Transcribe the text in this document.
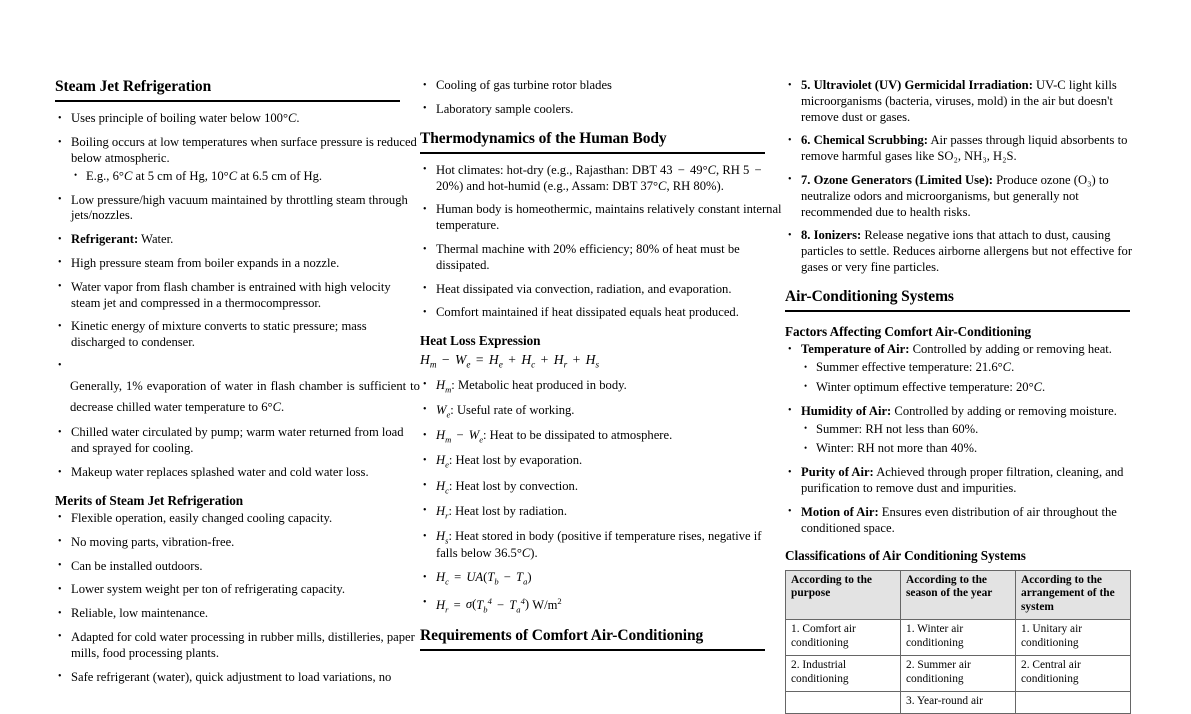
Steam Jet Refrigeration
• Uses principle of boiling water below 100°C.
• Boiling occurs at low temperatures when surface pressure is reduced below atmospheric.
• E.g., 6°C at 5 cm of Hg, 10°C at 6.5 cm of Hg.
• Low pressure/high vacuum maintained by throttling steam through jets/nozzles.
• Refrigerant: Water.
• High pressure steam from boiler expands in a nozzle.
• Water vapor from flash chamber is entrained with high velocity steam jet and compressed in a thermocompressor.
• Kinetic energy of mixture converts to static pressure; mass discharged to condenser.
•

Generally, 1% evaporation of water in flash chamber is sufficient to decrease chilled water temperature to 6°C.

• Chilled water circulated by pump; warm water returned from load and sprayed for cooling.
• Makeup water replaces splashed water and cold water loss.
Merits of Steam Jet Refrigeration
• Flexible operation, easily changed cooling capacity.
• No moving parts, vibration-free.
• Can be installed outdoors.
• Lower system weight per ton of refrigerating capacity.
• Reliable, low maintenance.
• Adapted for cold water processing in rubber mills, distilleries, paper mills, food processing plants.
• Safe refrigerant (water), quick adjustment to load variations, no
• Cooling of gas turbine rotor blades
• Laboratory sample coolers.
Thermodynamics of the Human Body
• Hot climates: hot-dry (e.g., Rajasthan: DBT 43 − 49°C, RH 5 − 20%) and hot-humid (e.g., Assam: DBT 37°C, RH 80%).
• Human body is homeothermic, maintains relatively constant internal temperature.
• Thermal machine with 20% efficiency; 80% of heat must be dissipated.
• Heat dissipated via convection, radiation, and evaporation.
• Comfort maintained if heat dissipated equals heat produced.
Heat Loss Expression
$H_m - W_e = H_e + H_c + H_r + H_s$
• $H_m$: Metabolic heat produced in body.
• $W_e$: Useful rate of working.
• $H_m - W_e$: Heat to be dissipated to atmosphere.
• $H_e$: Heat lost by evaporation.
• $H_c$: Heat lost by convection.
• $H_r$: Heat lost by radiation.
• $H_s$: Heat stored in body (positive if temperature rises, negative if falls below 36.5°C).
• $H_c = UA(T_b - T_a)$
• $H_r = \sigma(T_b^4 - T_a^4)$ $W/m^2$
Requirements of Comfort Air-Conditioning
• 5. Ultraviolet (UV) Germicidal Irradiation: UV-C light kills microorganisms (bacteria, viruses, mold) in the air but doesn't remove dust or gases.
• 6. Chemical Scrubbing: Air passes through liquid absorbents to remove harmful gases like SO₂, NH₃, H₂S.
• 7. Ozone Generators (Limited Use): Produce ozone (O₃) to neutralize odors and microorganisms, but generally not recommended due to health risks.
• 8. Ionizers: Release negative ions that attach to dust, causing particles to settle. Reduces airborne allergens but not effective for gases or very fine particles.
Air-Conditioning Systems
Factors Affecting Comfort Air-Conditioning
• Temperature of Air: Controlled by adding or removing heat.
• Summer effective temperature: 21.6°C.
• Winter optimum effective temperature: 20°C.
• Humidity of Air: Controlled by adding or removing moisture.
• Summer: RH not less than 60%.
• Winter: RH not more than 40%.
• Purity of Air: Achieved through proper filtration, cleaning, and purification to remove dust and impurities.
• Motion of Air: Ensures even distribution of air throughout the conditioned space.
Classifications of Air Conditioning Systems
According to the purpose	According to the season of the year	According to the arrangement of the system
1. Comfort air conditioning	1. Winter air conditioning	1. Unitary air conditioning
2. Industrial conditioning	2. Summer air conditioning	2. Central air conditioning
	3. Year-round air	
